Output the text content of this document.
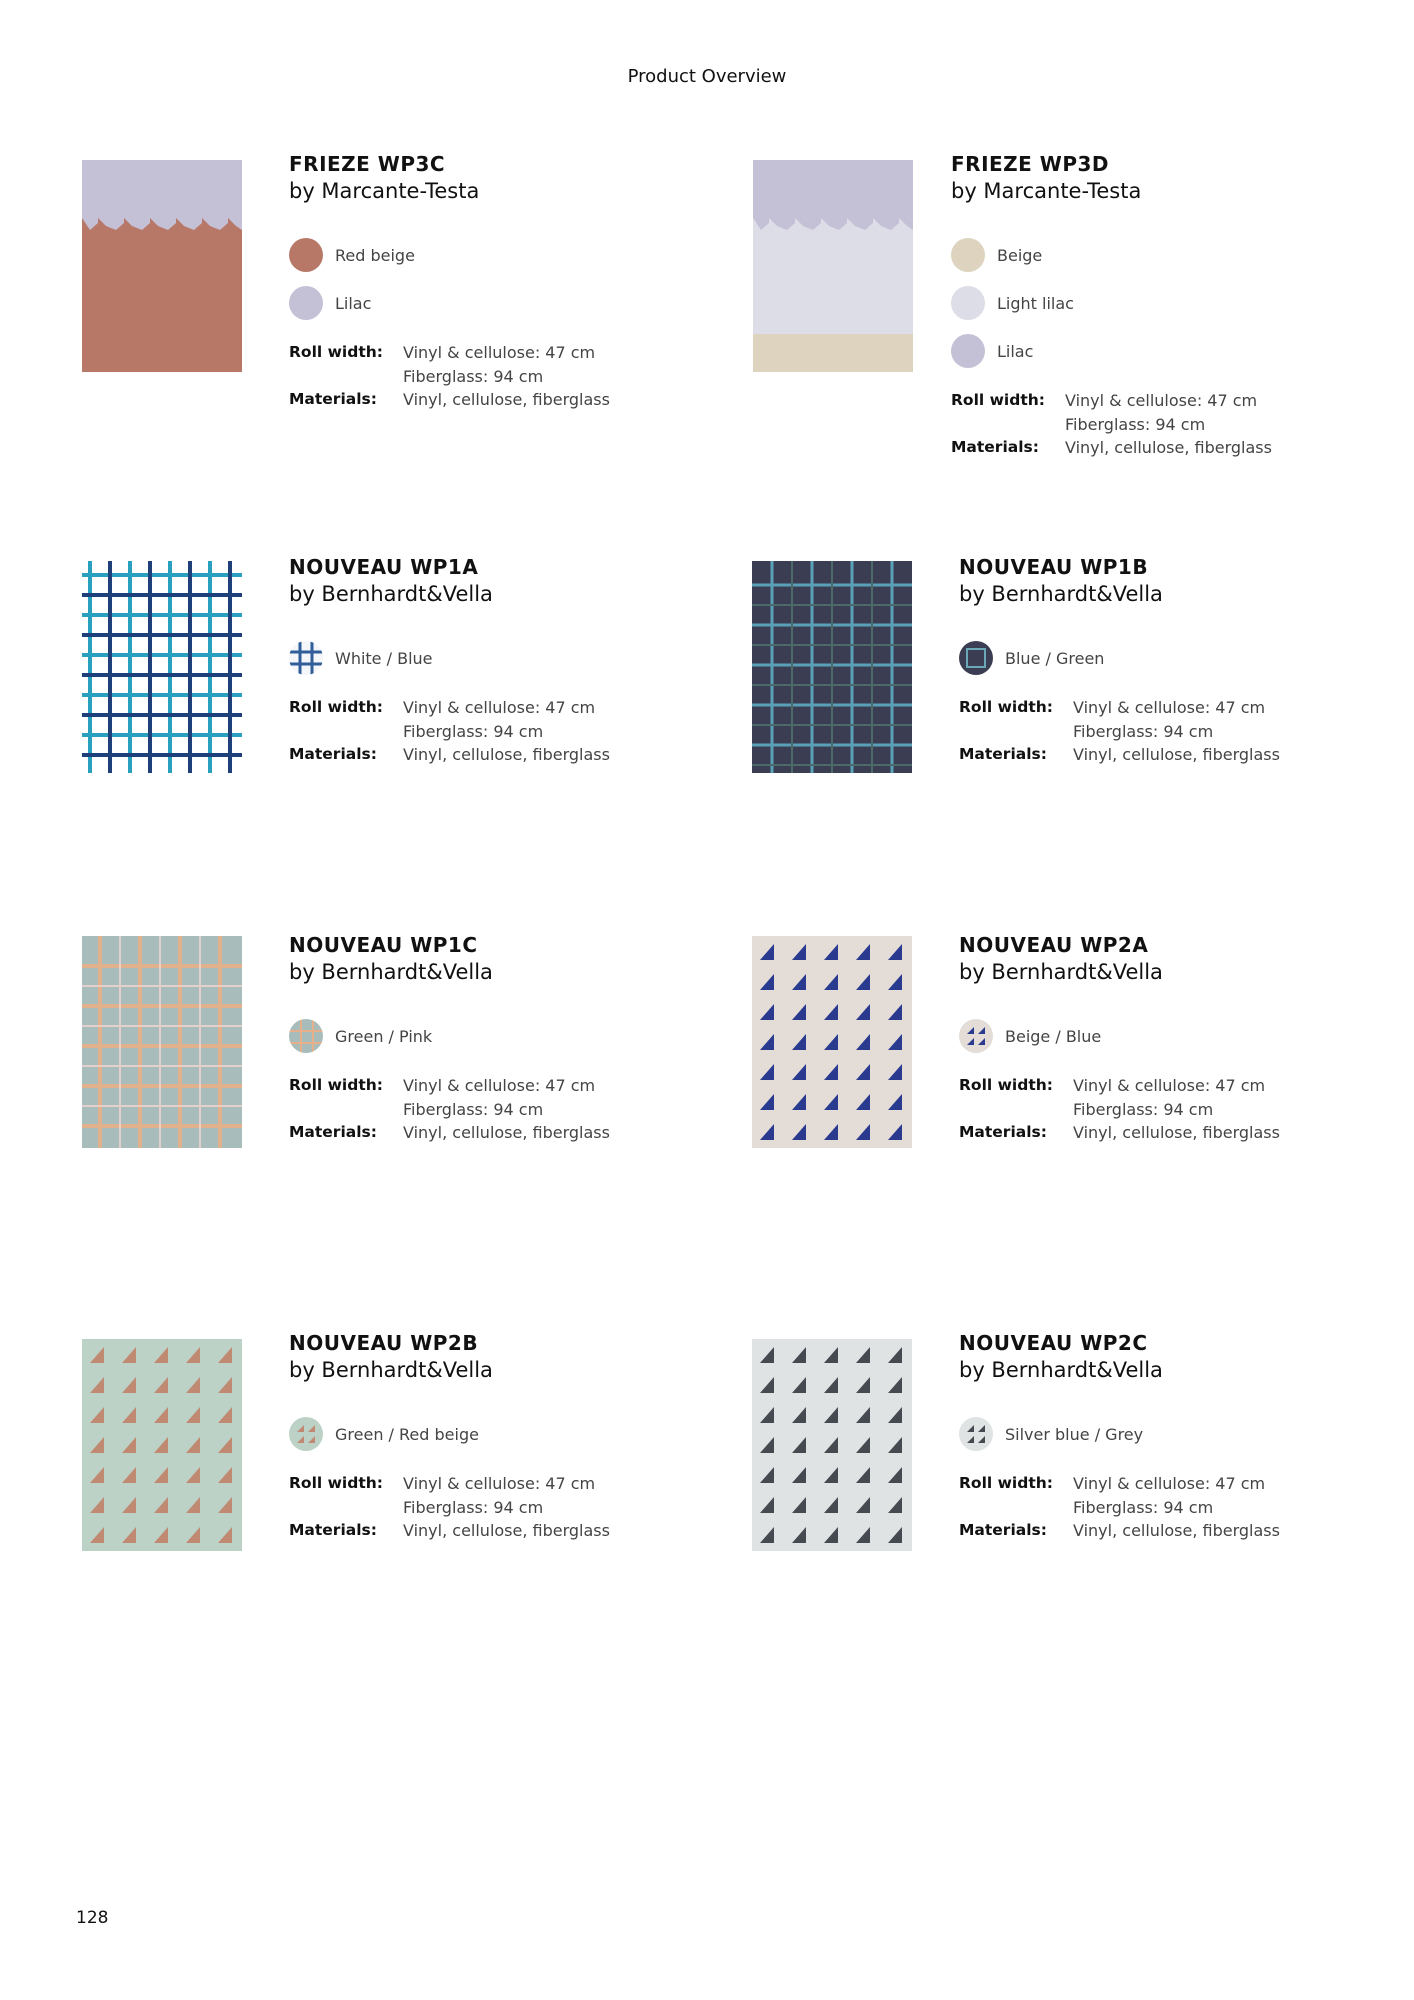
Product Overview
FRIEZE WP3C
by Marcante-Testa
Red beige
Lilac
Roll width:	Vinyl & cellulose: 47 cm
Fiberglass: 94 cm
Materials:	Vinyl, cellulose, fiberglass
FRIEZE WP3D
by Marcante-Testa
Beige
Light lilac
Lilac
Roll width:	Vinyl & cellulose: 47 cm
Fiberglass: 94 cm
Materials:	Vinyl, cellulose, fiberglass
NOUVEAU WP1A
by Bernhardt&Vella
White / Blue
Roll width:	Vinyl & cellulose: 47 cm
Fiberglass: 94 cm
Materials:	Vinyl, cellulose, fiberglass
NOUVEAU WP1B
by Bernhardt&Vella
Blue / Green
Roll width:	Vinyl & cellulose: 47 cm
Fiberglass: 94 cm
Materials:	Vinyl, cellulose, fiberglass
NOUVEAU WP1C
by Bernhardt&Vella
Green / Pink
Roll width:	Vinyl & cellulose: 47 cm
Fiberglass: 94 cm
Materials:	Vinyl, cellulose, fiberglass
NOUVEAU WP2A
by Bernhardt&Vella
Beige / Blue
Roll width:	Vinyl & cellulose: 47 cm
Fiberglass: 94 cm
Materials:	Vinyl, cellulose, fiberglass
NOUVEAU WP2B
by Bernhardt&Vella
Green / Red beige
Roll width:	Vinyl & cellulose: 47 cm
Fiberglass: 94 cm
Materials:	Vinyl, cellulose, fiberglass
NOUVEAU WP2C
by Bernhardt&Vella
Silver blue / Grey
Roll width:	Vinyl & cellulose: 47 cm
Fiberglass: 94 cm
Materials:	Vinyl, cellulose, fiberglass
128
